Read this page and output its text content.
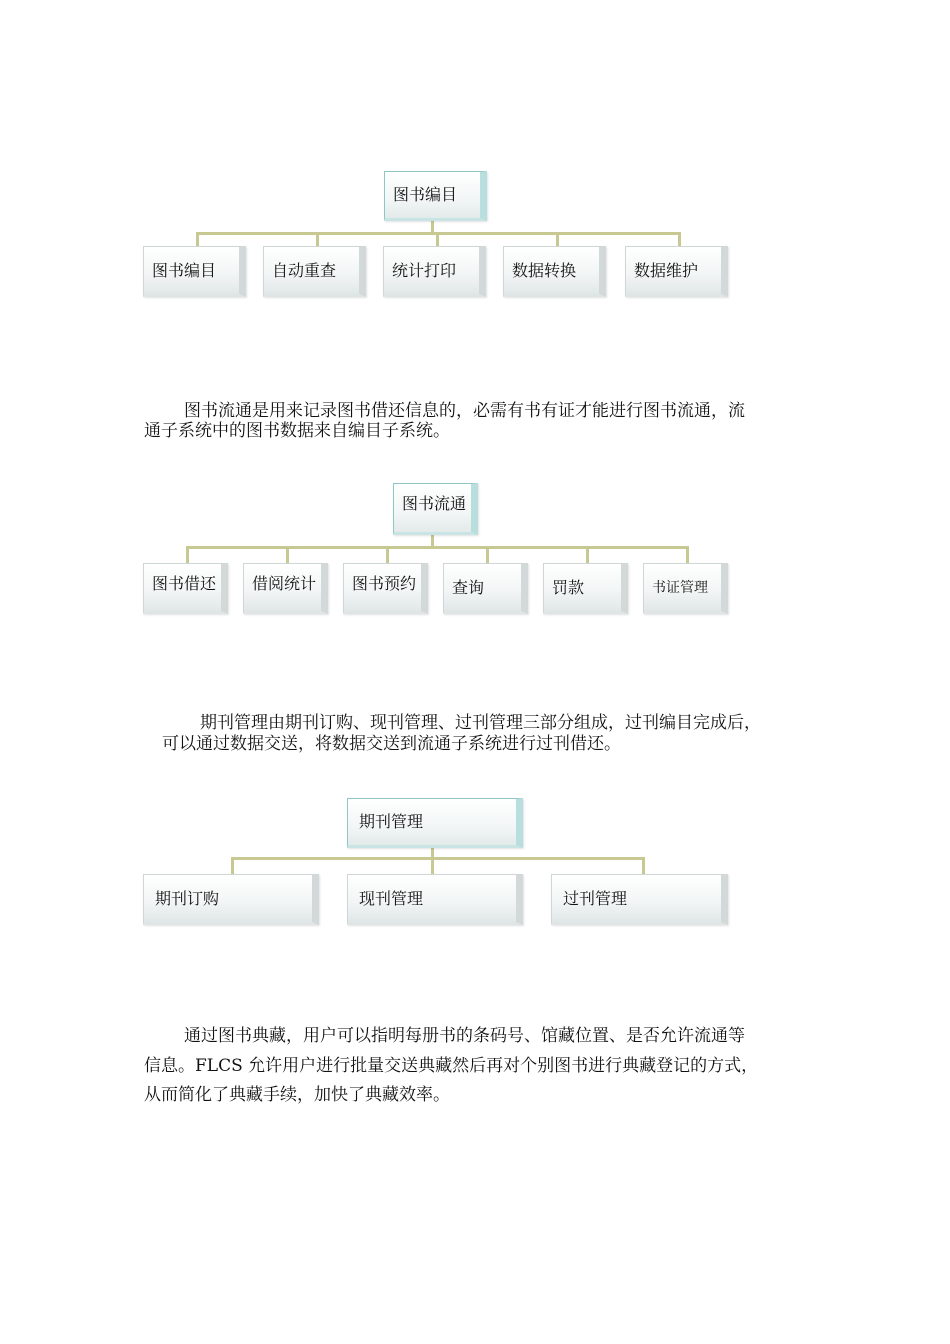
图书编目
图书编目	自动重查	统计打印	数据转换	数据维护
图书流通是用来记录图书借还信息的，必需有书有证才能进行图书流通，流
通子系统中的图书数据来自编目子系统。
图书流通
图书借还	借阅统计	图书预约	查询	罚款	书证管理
期刊管理由期刊订购、现刊管理、过刊管理三部分组成，过刊编目完成后，
可以通过数据交送，将数据交送到流通子系统进行过刊借还。
期刊管理
期刊订购	现刊管理	过刊管理
通过图书典藏，用户可以指明每册书的条码号、馆藏位置、是否允许流通等
信息。FLCS 允许用户进行批量交送典藏然后再对个别图书进行典藏登记的方式，
从而简化了典藏手续，加快了典藏效率。
